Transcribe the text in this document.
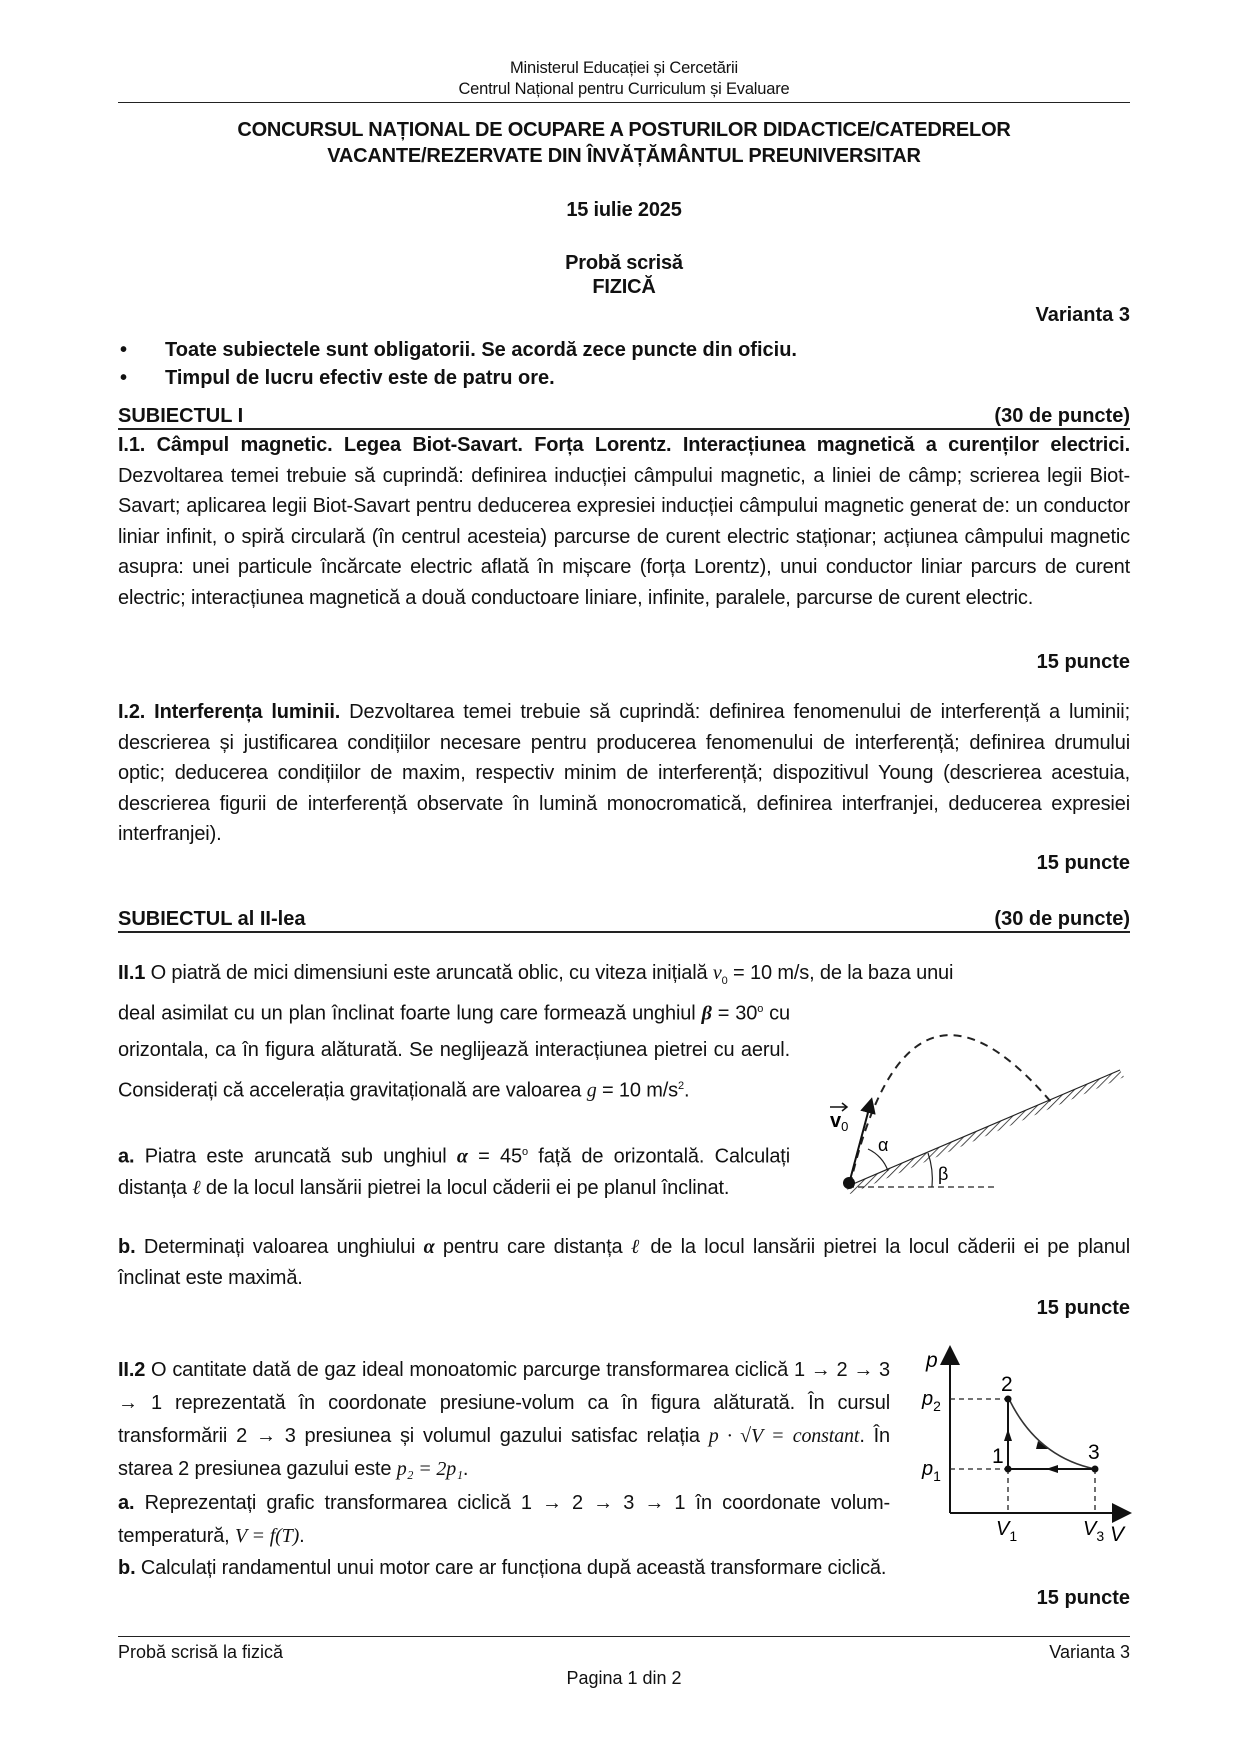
Ministerul Educației și Cercetării
Centrul Național pentru Curriculum și Evaluare
CONCURSUL NAȚIONAL DE OCUPARE A POSTURILOR DIDACTICE/CATEDRELOR
VACANTE/REZERVATE DIN ÎNVĂȚĂMÂNTUL PREUNIVERSITAR
15 iulie 2025
Probă scrisă
FIZICĂ
Varianta 3
•	Toate subiectele sunt obligatorii. Se acordă zece puncte din oficiu.
•	Timpul de lucru efectiv este de patru ore.
SUBIECTUL I	(30 de puncte)
I.1. Câmpul magnetic. Legea Biot-Savart. Forța Lorentz. Interacțiunea magnetică a curenților electrici. Dezvoltarea temei trebuie să cuprindă: definirea inducției câmpului magnetic, a liniei de câmp; scrierea legii Biot-Savart; aplicarea legii Biot-Savart pentru deducerea expresiei inducției câmpului magnetic generat de: un conductor liniar infinit, o spiră circulară (în centrul acesteia) parcurse de curent electric staționar; acțiunea câmpului magnetic asupra: unei particule încărcate electric aflată în mișcare (forța Lorentz), unui conductor liniar parcurs de curent electric; interacțiunea magnetică a două conductoare liniare, infinite, paralele, parcurse de curent electric.
15 puncte
I.2. Interferența luminii. Dezvoltarea temei trebuie să cuprindă: definirea fenomenului de interferență a luminii; descrierea și justificarea condițiilor necesare pentru producerea fenomenului de interferență; definirea drumului optic; deducerea condițiilor de maxim, respectiv minim de interferență; dispozitivul Young (descrierea acestuia, descrierea figurii de interferență observate în lumină monocromatică, definirea interfranjei, deducerea expresiei interfranjei).
15 puncte
SUBIECTUL al II-lea	(30 de puncte)
II.1 O piatră de mici dimensiuni este aruncată oblic, cu viteza inițială $v_0 = 10$ m/s, de la baza unui
deal asimilat cu un plan înclinat foarte lung care formează unghiul $\beta = 30^o$ cu orizontala, ca în figura alăturată. Se neglijează interacțiunea pietrei cu aerul. Considerați că accelerația gravitațională are valoarea g = 10 $m/s^2$.
a. Piatra este aruncată sub unghiul $\alpha = 45^o$ față de orizontală. Calculați distanța ℓ de la locul lansării pietrei la locul căderii ei pe planul înclinat.
b. Determinați valoarea unghiului α pentru care distanța ℓ de la locul lansării pietrei la locul căderii ei pe planul înclinat este maximă.
15 puncte
$v_0$
α
β
II.2 O cantitate dată de gaz ideal monoatomic parcurge transformarea ciclică 1 → 2 → 3 → 1 reprezentată în coordonate presiune-volum ca în figura alăturată. În cursul transformării 2 → 3 presiunea și volumul gazului satisfac relația p · √V = constant. În starea 2 presiunea gazului este p₂ = 2p₁.
a. Reprezentați grafic transformarea ciclică 1 → 2 → 3 → 1 în coordonate volum-temperatură, V = f(T).
b. Calculați randamentul unui motor care ar funcționa după această transformare ciclică.
15 puncte
p
V
$p_2$
$p_1$
$V_1$	$V_3$
2
1	3
Probă scrisă la fizică	Varianta 3
Pagina 1 din 2
